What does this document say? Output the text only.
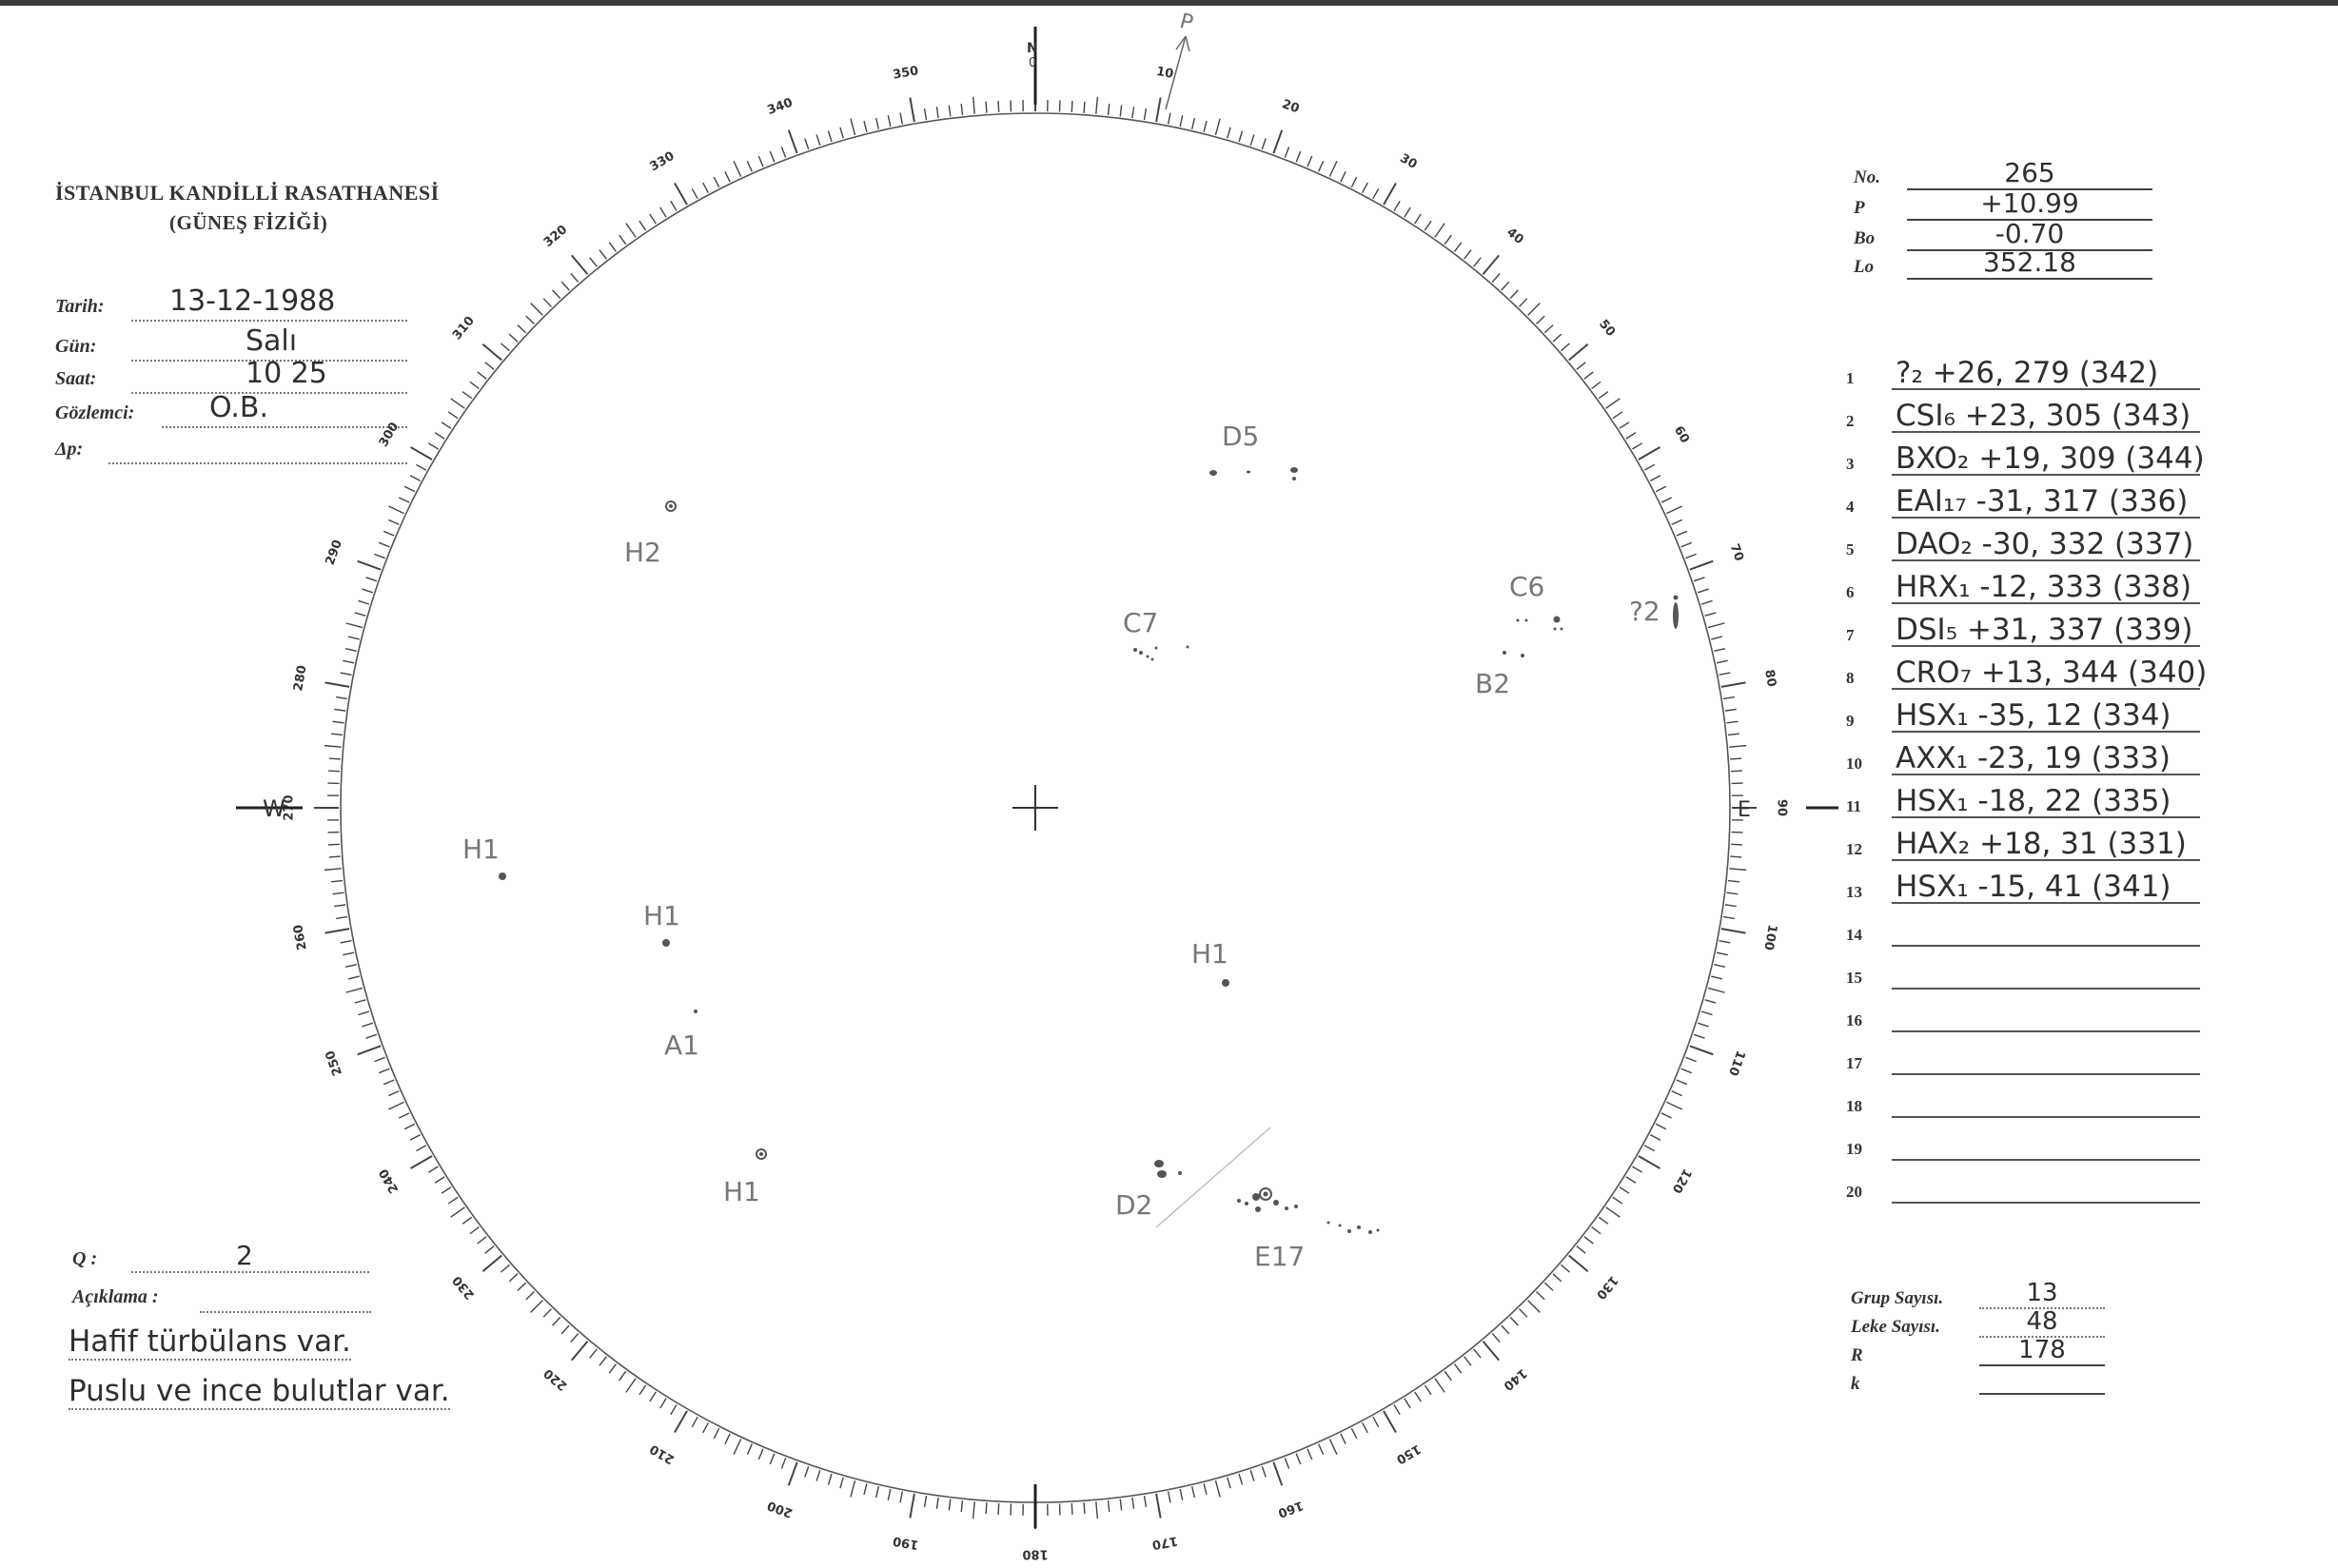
İSTANBUL KANDİLLİ RASATHANESİ
(GÜNEŞ FİZİĞİ)
Tarih:	13-12-1988
Gün:	Salı
Saat:	10 25
Gözlemci:	O.B.
Δp:
No.	265
P	+10.99
Bo	-0.70
Lo	352.18
1	?₂ +26, 279 (342)
2	CSI₆ +23, 305 (343)
3	BXO₂ +19, 309 (344)
4	EAI₁₇ -31, 317 (336)
5	DAO₂ -30, 332 (337)
6	HRX₁ -12, 333 (338)
7	DSI₅ +31, 337 (339)
8	CRO₇ +13, 344 (340)
9	HSX₁ -35, 12 (334)
10	AXX₁ -23, 19 (333)
11	HSX₁ -18, 22 (335)
12	HAX₂ +18, 31 (331)
13	HSX₁ -15, 41 (341)
14
15
16
17
18
19
20
Grup Sayısı.	13
Leke Sayısı.	48
R	178
k
Q :	2
Açıklama :
Hafif türbülans var.
Puslu ve ince bulutlar var.
10
20
30
40
50
60
70
80
90
100
110
120
130
140
150
160
170
180
190
200
210
220
230
240
250
260
270
280
290
300
310
320
330
340
350
N
0
W	E
P
D5
H2
C7
C6
?2
B2
H1
H1
H1
A1
H1	D2
E17
